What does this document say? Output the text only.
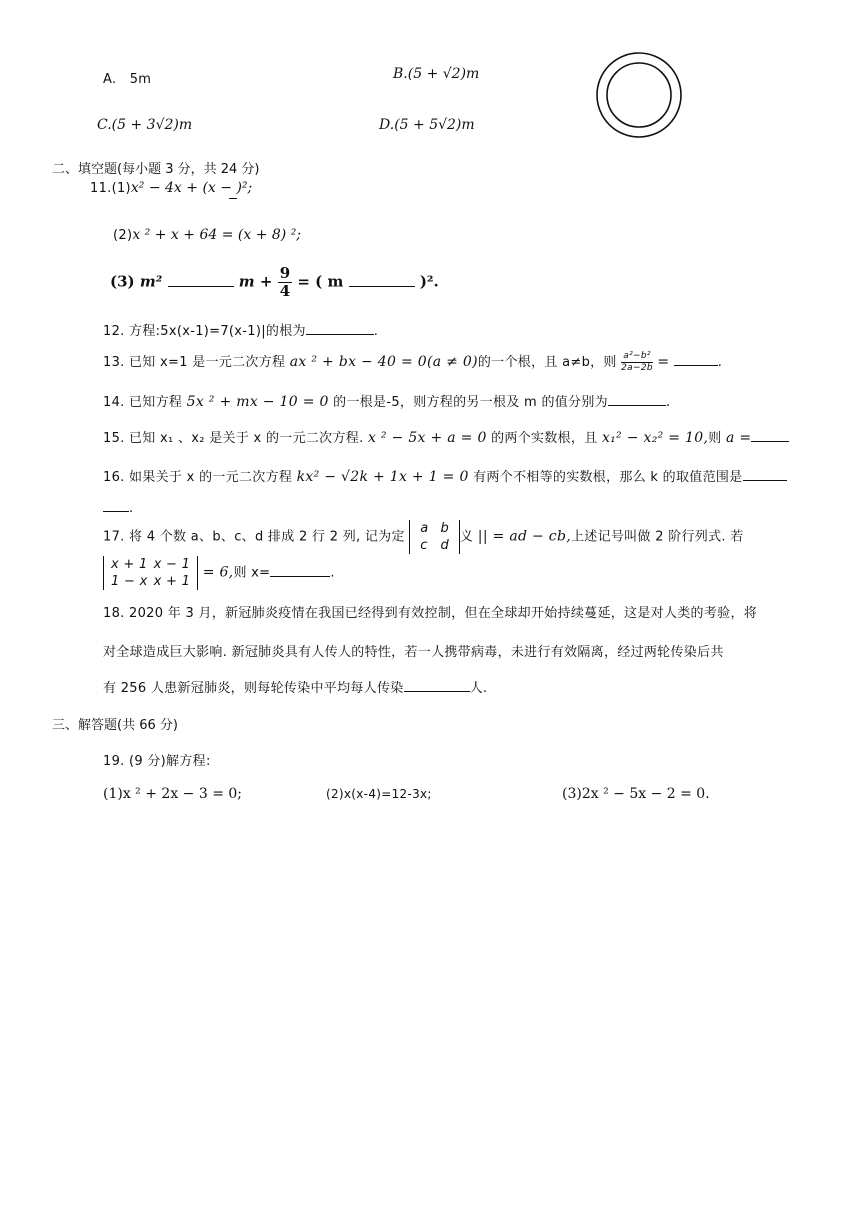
A.　5m	B.(5 + √2)m
C.(5 + 3√2)m	D.(5 + 5√2)m
二、填空题(每小题 3 分，共 24 分)
11.(1)x² − 4x + (x − )²;
(2)x ² + x + 64 = (x + 8) ²;
(3) m²	$m + \frac{9}{4}$ = ( m	)².
12. 方程:5x(x-1)=7(x-1)|的根为	.
13. 已知 x=1 是一元二次方程 ax ² + bx − 40 = 0(a ≠ 0)的一个根，且 a≠b，则 $\frac{\text{a²−b²}}{2a-2b}$ =	.
14. 已知方程 5x ² + mx − 10 = 0 的一根是-5，则方程的另一根及 m 的值分别为	.
15. 已知 x₁ 、x₂ 是关于 x 的一元二次方程. x ² − 5x + a = 0 的两个实数根，且 x₁² − x₂² = 10,则 a =
16. 如果关于 x 的一元二次方程 kx² − √2k + 1x + 1 = 0 有两个不相等的实数根，那么 k 的取值范围是
.
17. 将 4 个数 a、b、c、d 排成 2 行 2 列, 记为定
a	b
c	d
义 || = ad − cb,上述记号叫做 2 阶行列式. 若
x + 1	x − 1
1 − x	x + 1
= 6,则 x=	.
18. 2020 年 3 月，新冠肺炎疫情在我国已经得到有效控制，但在全球却开始持续蔓延，这是对人类的考验，将
对全球造成巨大影响. 新冠肺炎具有人传人的特性，若一人携带病毒，未进行有效隔离，经过两轮传染后共
有 256 人患新冠肺炎，则每轮传染中平均每人传染	人.
三、解答题(共 66 分)
19. (9 分)解方程:
(1)x ² + 2x − 3 = 0;	(2)x(x-4)=12-3x;	(3)2x ² − 5x − 2 = 0.
